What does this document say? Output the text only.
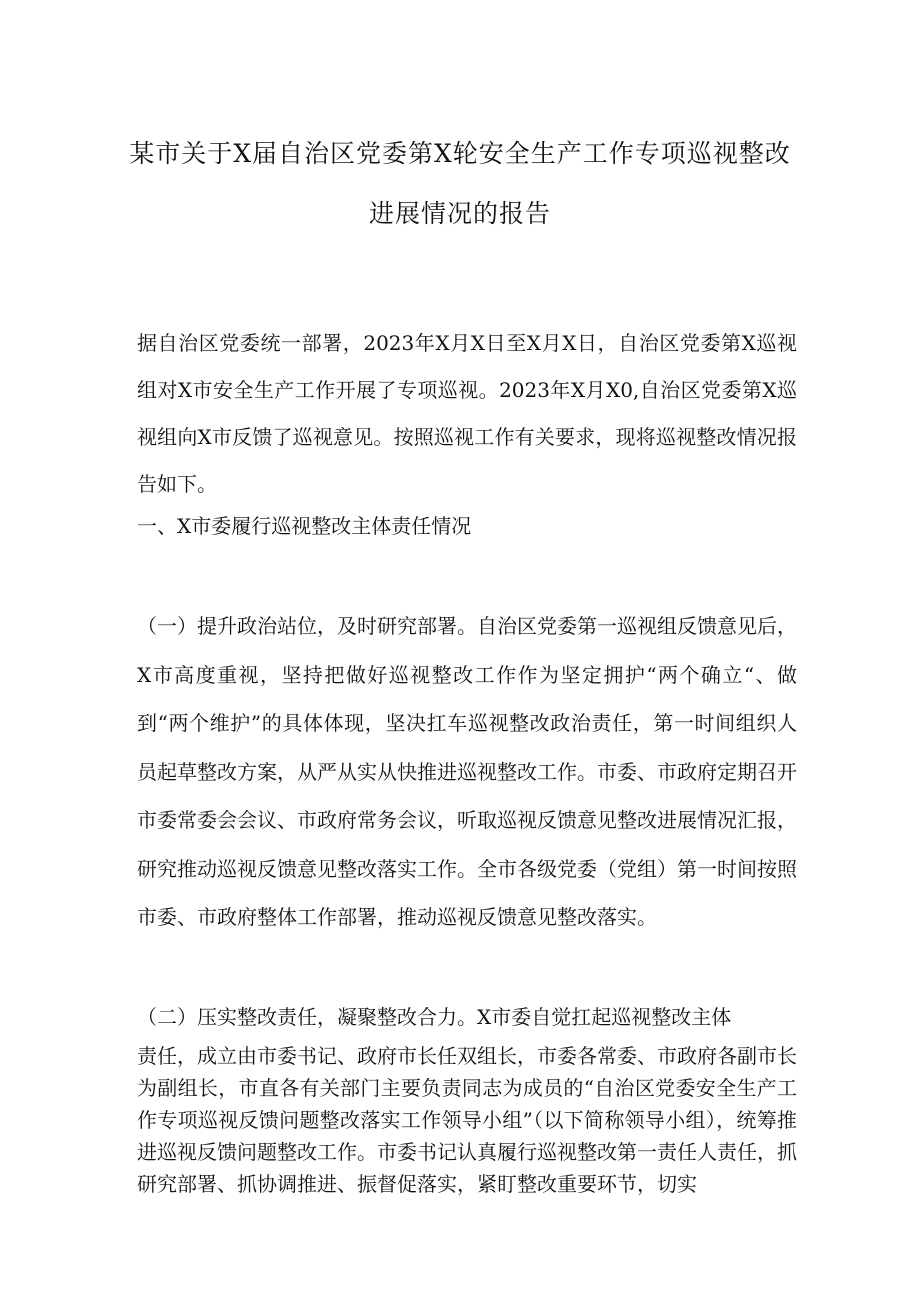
某市关于X届自治区党委第X轮安全生产工作专项巡视整改
进展情况的报告
据自治区党委统一部署，2023年X月X日至X月X日，自治区党委第X巡视组对X市安全生产工作开展了专项巡视。2023年X月X0,自治区党委第X巡视组向X市反馈了巡视意见。按照巡视工作有关要求，现将巡视整改情况报告如下。
一、X市委履行巡视整改主体责任情况
（一）提升政治站位，及时研究部署。自治区党委第一巡视组反馈意见后，X市高度重视，坚持把做好巡视整改工作作为坚定拥护“两个确立“、做到“两个维护”的具体体现，坚决扛车巡视整改政治责任，第一时间组织人员起草整改方案，从严从实从快推进巡视整改工作。市委、市政府定期召开市委常委会会议、市政府常务会议，听取巡视反馈意见整改进展情况汇报，研究推动巡视反馈意见整改落实工作。全市各级党委（党组）第一时间按照市委、市政府整体工作部署，推动巡视反馈意见整改落实。
（二）压实整改责任，凝聚整改合力。X市委自觉扛起巡视整改主体
责任，成立由市委书记、政府市长任双组长，市委各常委、市政府各副市长为副组长，市直各有关部门主要负责同志为成员的“自治区党委安全生产工作专项巡视反馈问题整改落实工作领导小组”（以下简称领导小组），统筹推进巡视反馈问题整改工作。市委书记认真履行巡视整改第一责任人责任，抓研究部署、抓协调推进、振督促落实，紧盯整改重要环节，切实
